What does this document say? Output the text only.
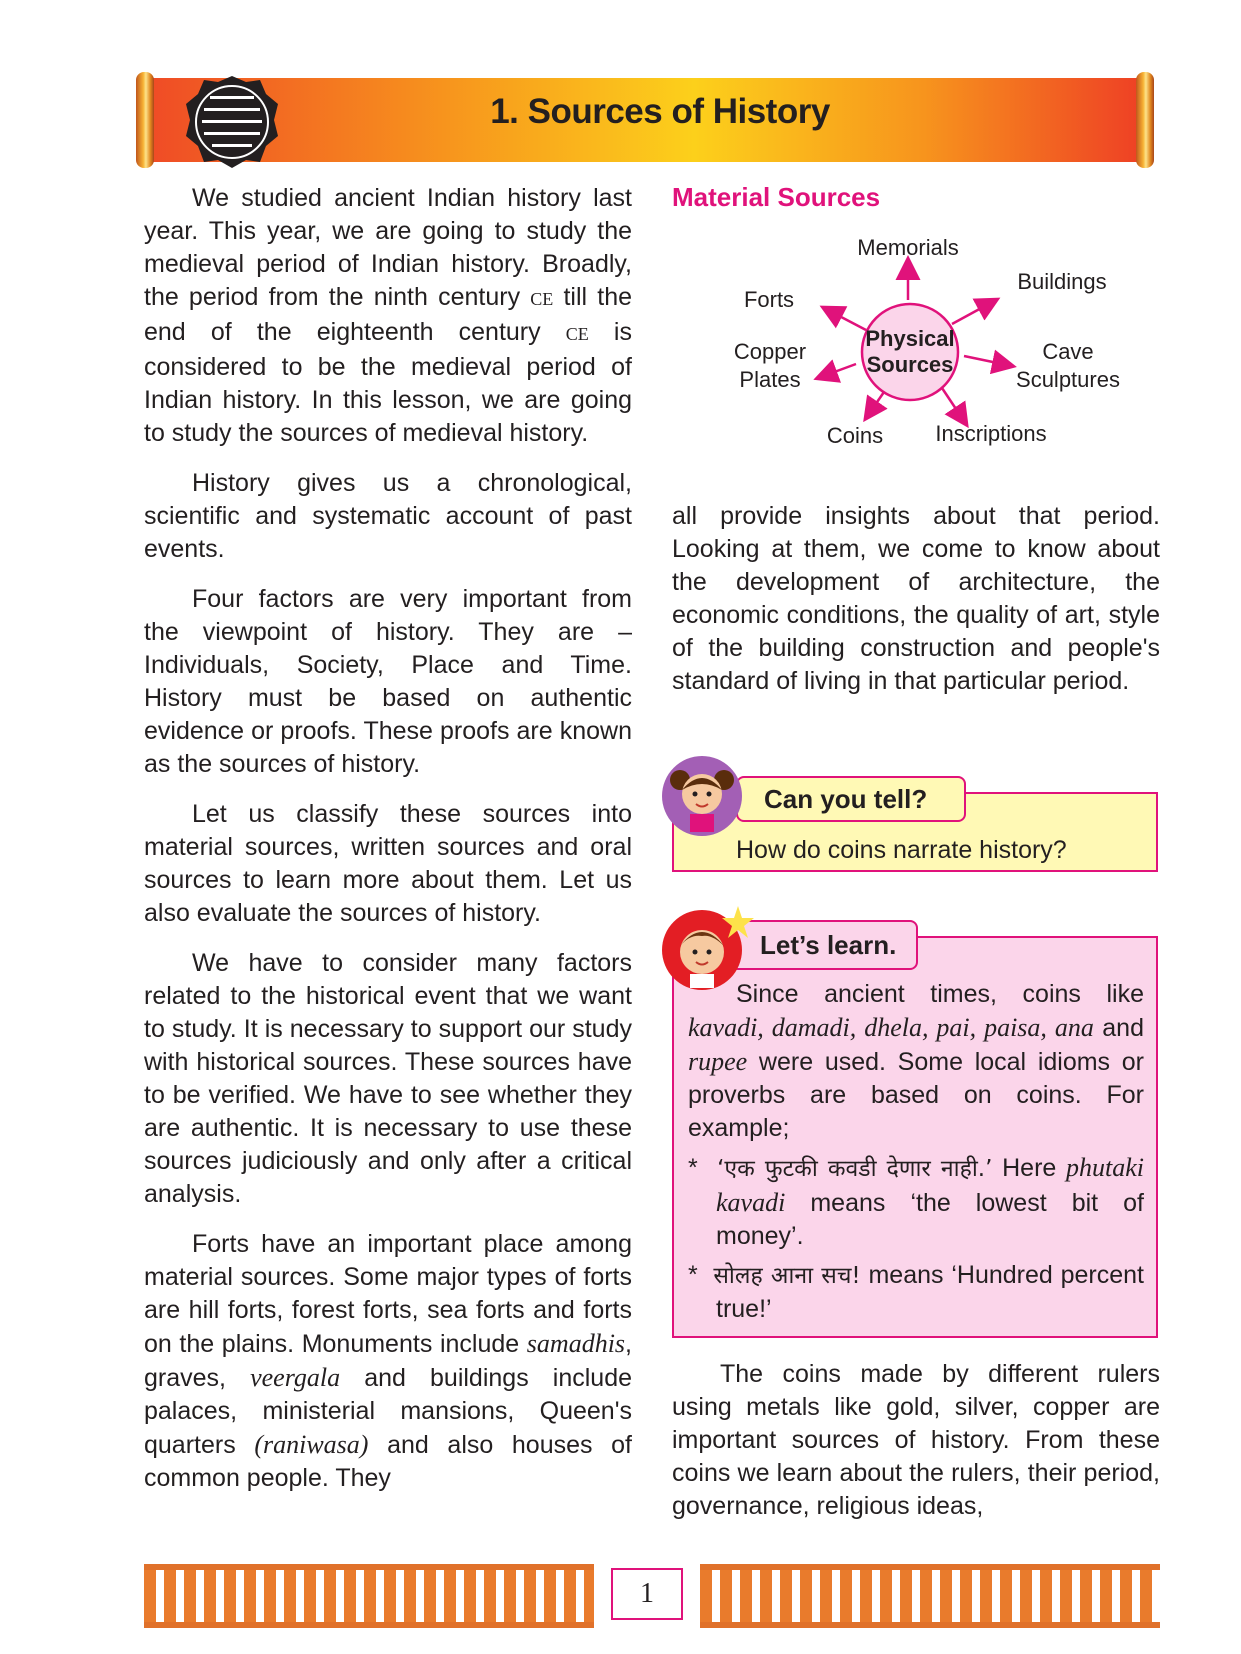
1. Sources of History

We studied ancient Indian history last year. This year, we are going to study the medieval period of Indian history. Broadly, the period from the ninth century CE till the end of the eighteenth century CE is considered to be the medieval period of Indian history. In this lesson, we are going to study the sources of medieval history.

History gives us a chronological, scientific and systematic account of past events.

Four factors are very important from the viewpoint of history. They are – Individuals, Society, Place and Time. History must be based on authentic evidence or proofs. These proofs are known as the sources of history.

Let us classify these sources into material sources, written sources and oral sources to learn more about them. Let us also evaluate the sources of history.

We have to consider many factors related to the historical event that we want to study. It is necessary to support our study with historical sources. These sources have to be verified. We have to see whether they are authentic. It is necessary to use these sources judiciously and only after a critical analysis.

Forts have an important place among material sources. Some major types of forts are hill forts, forest forts, sea forts and forts on the plains. Monuments include samadhis, graves, veergala and buildings include palaces, ministerial mansions, Queen's quarters (raniwasa) and also houses of common people. They

Material Sources
Physical
Sources
Memorials
Buildings
Forts
Cave
Sculptures
Copper
Plates
Coins	Inscriptions

all provide insights about that period. Looking at them, we come to know about the development of architecture, the economic conditions, the quality of art, style of the building construction and people's standard of living in that particular period.

Can you tell?
How do coins narrate history?
Let’s learn.

Since ancient times, coins like kavadi, damadi, dhela, pai, paisa, ana and rupee were used. Some local idioms or proverbs are based on coins. For example;

*  ‘एक फुटकी कवडी देणार नाही.’ Here phutaki kavadi means ‘the lowest bit of money’.

*  सोलह आना सच! means ‘Hundred percent true!’

The coins made by different rulers using metals like gold, silver, copper are important sources of history. From these coins we learn about the rulers, their period, governance, religious ideas,

1
